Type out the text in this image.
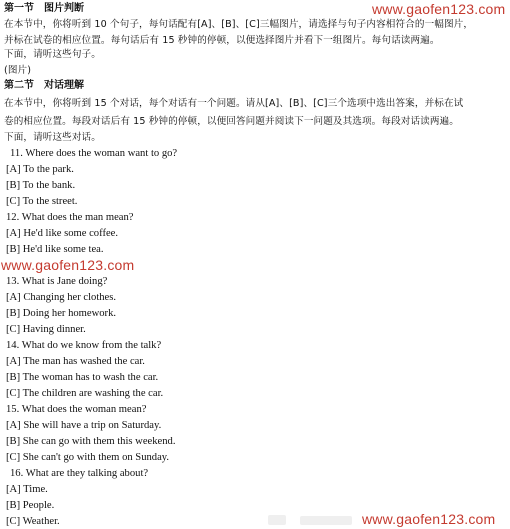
www.gaofen123.com
第一节　图片判断
在本节中，你将听到 10 个句子，每句话配有[A]、[B]、[C]三幅图片，请选择与句子内容相符合的一幅图片，
并标在试卷的相应位置。每句话后有 15 秒钟的停顿，以便选择图片并看下一组图片。每句话读两遍。
下面，请听这些句子。
(图片)
第二节　对话理解
在本节中，你将听到 15 个对话，每个对话有一个问题。请从[A]、[B]、[C]三个选项中选出答案，并标在试
卷的相应位置。每段对话后有 15 秒钟的停顿，以便回答问题并阅读下一问题及其选项。每段对话读两遍。
下面，请听这些对话。
11. Where does the woman want to go?
[A] To the park.
[B] To the bank.
[C] To the street.
12. What does the man mean?
[A] He'd like some coffee.
[B] He'd like some tea.
www.gaofen123.com
13. What is Jane doing?
[A] Changing her clothes.
[B] Doing her homework.
[C] Having dinner.
14. What do we know from the talk?
[A] The man has washed the car.
[B] The woman has to wash the car.
[C] The children are washing the car.
15. What does the woman mean?
[A] She will have a trip on Saturday.
[B] She can go with them this weekend.
[C] She can't go with them on Sunday.
16. What are they talking about?
[A] Time.
[B] People.
[C] Weather.	www.gaofen123.com
